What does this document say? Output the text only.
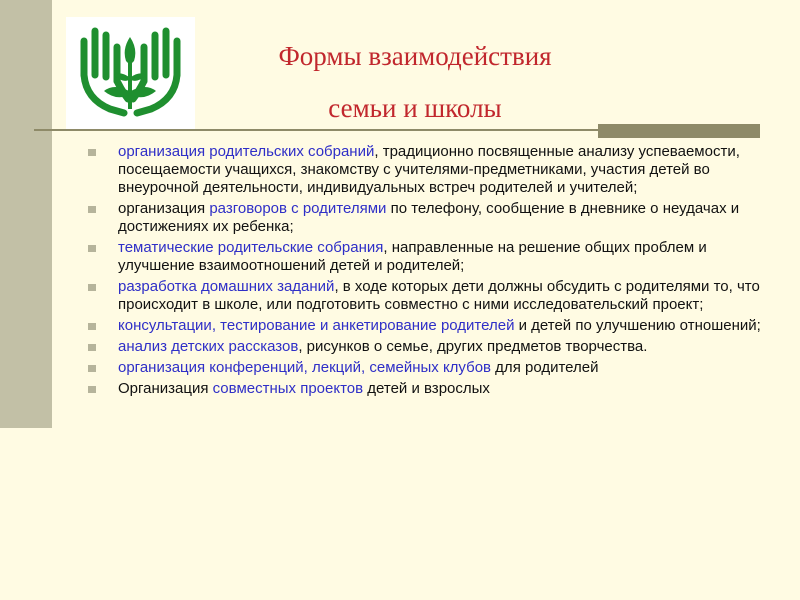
Формы взаимодействия
семьи и школы
организация родительских собраний, традиционно посвященные анализу успеваемости, посещаемости учащихся, знакомству с учителями-предметниками, участия детей во внеурочной деятельности, индивидуальных встреч родителей и учителей;
организация разговоров с родителями по телефону, сообщение в дневнике о неудачах и достижениях их ребенка;
тематические родительские собрания, направленные на решение общих проблем и улучшение взаимоотношений детей и родителей;
разработка домашних заданий, в ходе которых дети должны обсудить с родителями то, что происходит в школе, или подготовить совместно с ними исследовательский проект;
консультации, тестирование и анкетирование родителей и детей по улучшению отношений;
анализ детских рассказов, рисунков о семье, других предметов творчества.
организация конференций, лекций, семейных клубов для родителей
Организация совместных проектов детей и взрослых
